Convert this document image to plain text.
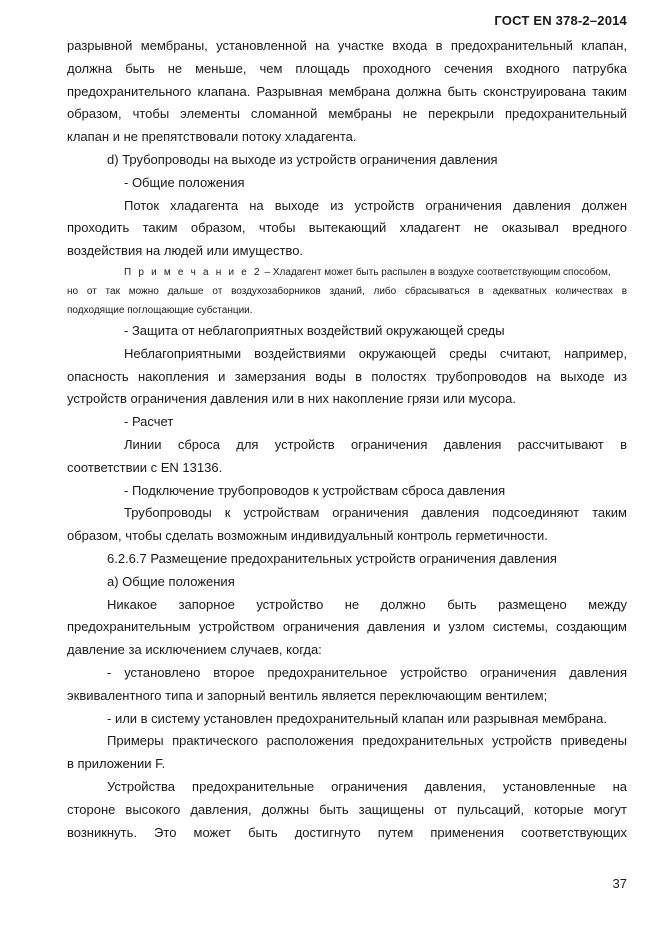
ГОСТ EN 378-2–2014
разрывной мембраны, установленной на участке входа в предохранительный клапан,
должна быть не меньше, чем площадь проходного сечения входного патрубка
предохранительного клапана. Разрывная мембрана должна быть сконструирована таким
образом, чтобы элементы сломанной мембраны не перекрыли предохранительный
клапан и не препятствовали потоку хладагента.
d) Трубопроводы на выходе из устройств ограничения давления
- Общие положения
Поток хладагента на выходе из устройств ограничения давления должен
проходить таким образом, чтобы вытекающий хладагент не оказывал вредного
воздействия на людей или имущество.
П р и м е ч а н и е 2 – Хладагент может быть распылен в воздухе соответствующим способом,
но от так можно дальше от воздухозаборников зданий, либо сбрасываться в адекватных количествах в
подходящие поглощающие субстанции.
- Защита от неблагоприятных воздействий окружающей среды
Неблагоприятными воздействиями окружающей среды считают, например,
опасность накопления и замерзания воды в полостях трубопроводов на выходе из
устройств ограничения давления или в них накопление грязи или мусора.
- Расчет
Линии сброса для устройств ограничения давления рассчитывают в
соответствии с EN 13136.
- Подключение трубопроводов к устройствам сброса давления
Трубопроводы к устройствам ограничения давления подсоединяют таким
образом, чтобы сделать возможным индивидуальный контроль герметичности.
6.2.6.7 Размещение предохранительных устройств ограничения давления
a) Общие положения
Никакое запорное устройство не должно быть размещено между
предохранительным устройством ограничения давления и узлом системы, создающим
давление за исключением случаев, когда:
- установлено второе предохранительное устройство ограничения давления
эквивалентного типа и запорный вентиль является переключающим вентилем;
- или в систему установлен предохранительный клапан или разрывная мембрана.
Примеры практического расположения предохранительных устройств приведены
в приложении F.
Устройства предохранительные ограничения давления, установленные на
стороне высокого давления, должны быть защищены от пульсаций, которые могут
возникнуть. Это может быть достигнуто путем применения соответствующих
37
